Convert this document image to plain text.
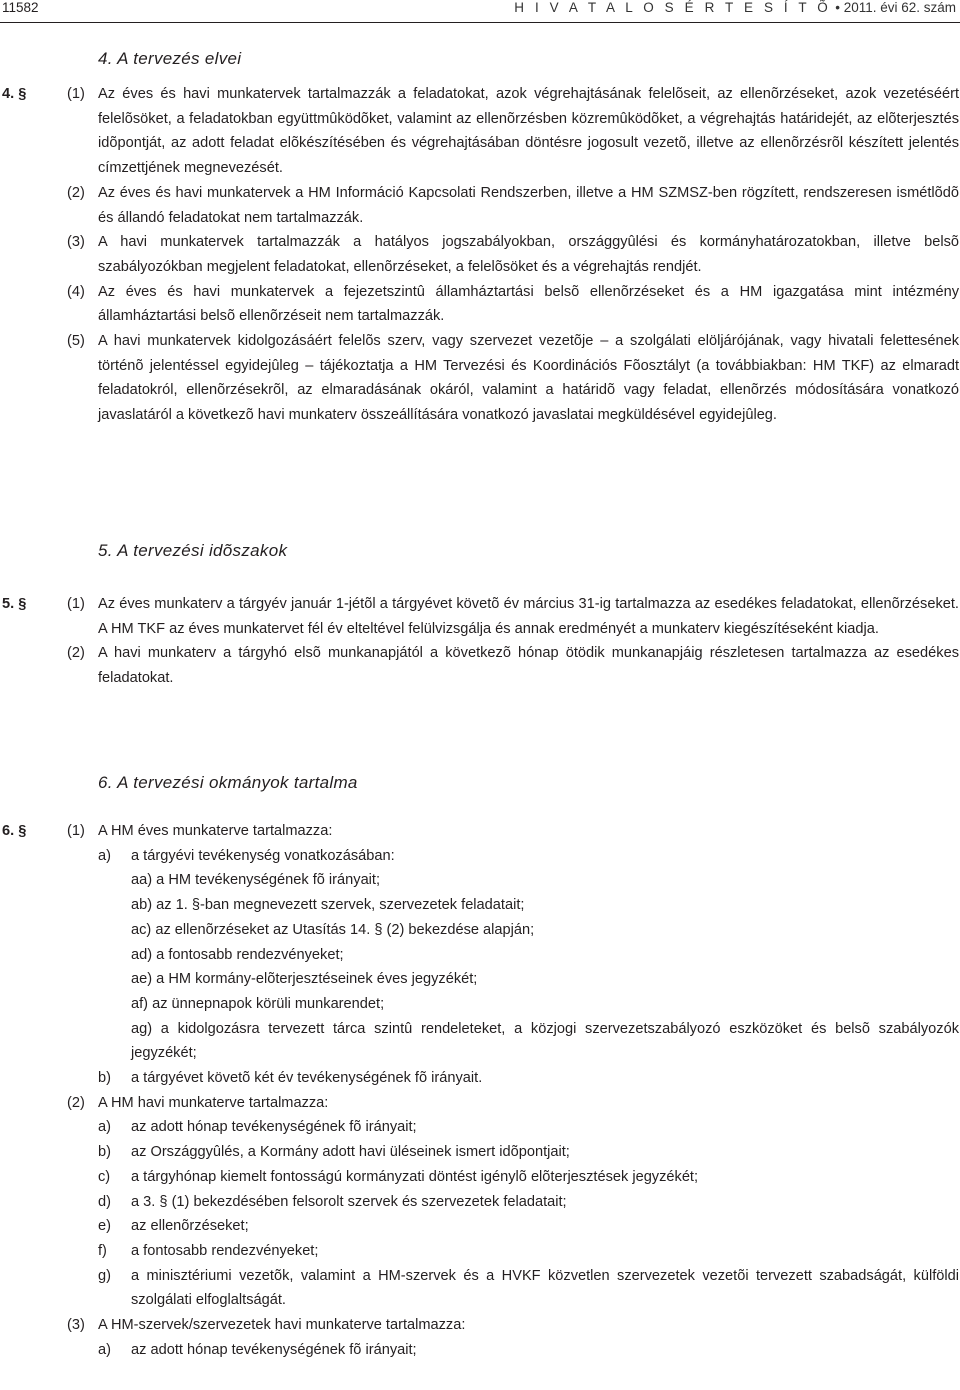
11582	H I V A T A L O S É R T E S Í T Õ • 2011. évi 62. szám
4. A tervezés elvei
4. §	(1) Az éves és havi munkatervek tartalmazzák a feladatokat, azok végrehajtásának felelõseit, az ellenõrzéseket, azok vezetéséért felelõsöket, a feladatokban együttmûködõket, valamint az ellenõrzésben közremûködõket, a végrehajtás határidejét, az elõterjesztés idõpontját, az adott feladat elõkészítésében és végrehajtásában döntésre jogosult vezetõ, illetve az ellenõrzésrõl készített jelentés címzettjének megnevezését.
(2) Az éves és havi munkatervek a HM Információ Kapcsolati Rendszerben, illetve a HM SZMSZ-ben rögzített, rendszeresen ismétlõdõ és állandó feladatokat nem tartalmazzák.
(3) A havi munkatervek tartalmazzák a hatályos jogszabályokban, országgyûlési és kormányhatározatokban, illetve belsõ szabályozókban megjelent feladatokat, ellenõrzéseket, a felelõsöket és a végrehajtás rendjét.
(4) Az éves és havi munkatervek a fejezetszintû államháztartási belsõ ellenõrzéseket és a HM igazgatása mint intézmény államháztartási belsõ ellenõrzéseit nem tartalmazzák.
(5) A havi munkatervek kidolgozásáért felelõs szerv, vagy szervezet vezetõje – a szolgálati elöljárójának, vagy hivatali felettesének történõ jelentéssel egyidejûleg – tájékoztatja a HM Tervezési és Koordinációs Fõosztályt (a továbbiakban: HM TKF) az elmaradt feladatokról, ellenõrzésekrõl, az elmaradásának okáról, valamint a határidõ vagy feladat, ellenõrzés módosítására vonatkozó javaslatáról a következõ havi munkaterv összeállítására vonatkozó javaslatai megküldésével egyidejûleg.
5. A tervezési idõszakok
5. §	(1) Az éves munkaterv a tárgyév január 1-jétõl a tárgyévet követõ év március 31-ig tartalmazza az esedékes feladatokat, ellenõrzéseket. A HM TKF az éves munkatervet fél év elteltével felülvizsgálja és annak eredményét a munkaterv kiegészítéseként kiadja.
(2) A havi munkaterv a tárgyhó elsõ munkanapjától a következõ hónap ötödik munkanapjáig részletesen tartalmazza az esedékes feladatokat.
6. A tervezési okmányok tartalma
6. §	(1) A HM éves munkaterve tartalmazza:
a) a tárgyévi tevékenység vonatkozásában:
aa) a HM tevékenységének fõ irányait;
ab) az 1. §-ban megnevezett szervek, szervezetek feladatait;
ac) az ellenõrzéseket az Utasítás 14. § (2) bekezdése alapján;
ad) a fontosabb rendezvényeket;
ae) a HM kormány-elõterjesztéseinek éves jegyzékét;
af) az ünnepnapok körüli munkarendet;
ag) a kidolgozásra tervezett tárca szintû rendeleteket, a közjogi szervezetszabályozó eszközöket és belsõ szabályozók jegyzékét;
b) a tárgyévet követõ két év tevékenységének fõ irányait.
(2) A HM havi munkaterve tartalmazza:
a) az adott hónap tevékenységének fõ irányait;
b) az Országgyûlés, a Kormány adott havi üléseinek ismert idõpontjait;
c) a tárgyhónap kiemelt fontosságú kormányzati döntést igénylõ elõterjesztések jegyzékét;
d) a 3. § (1) bekezdésében felsorolt szervek és szervezetek feladatait;
e) az ellenõrzéseket;
f) a fontosabb rendezvényeket;
g) a minisztériumi vezetõk, valamint a HM-szervek és a HVKF közvetlen szervezetek vezetõi tervezett szabadságát, külföldi szolgálati elfoglaltságát.
(3) A HM-szervek/szervezetek havi munkaterve tartalmazza:
a) az adott hónap tevékenységének fõ irányait;
